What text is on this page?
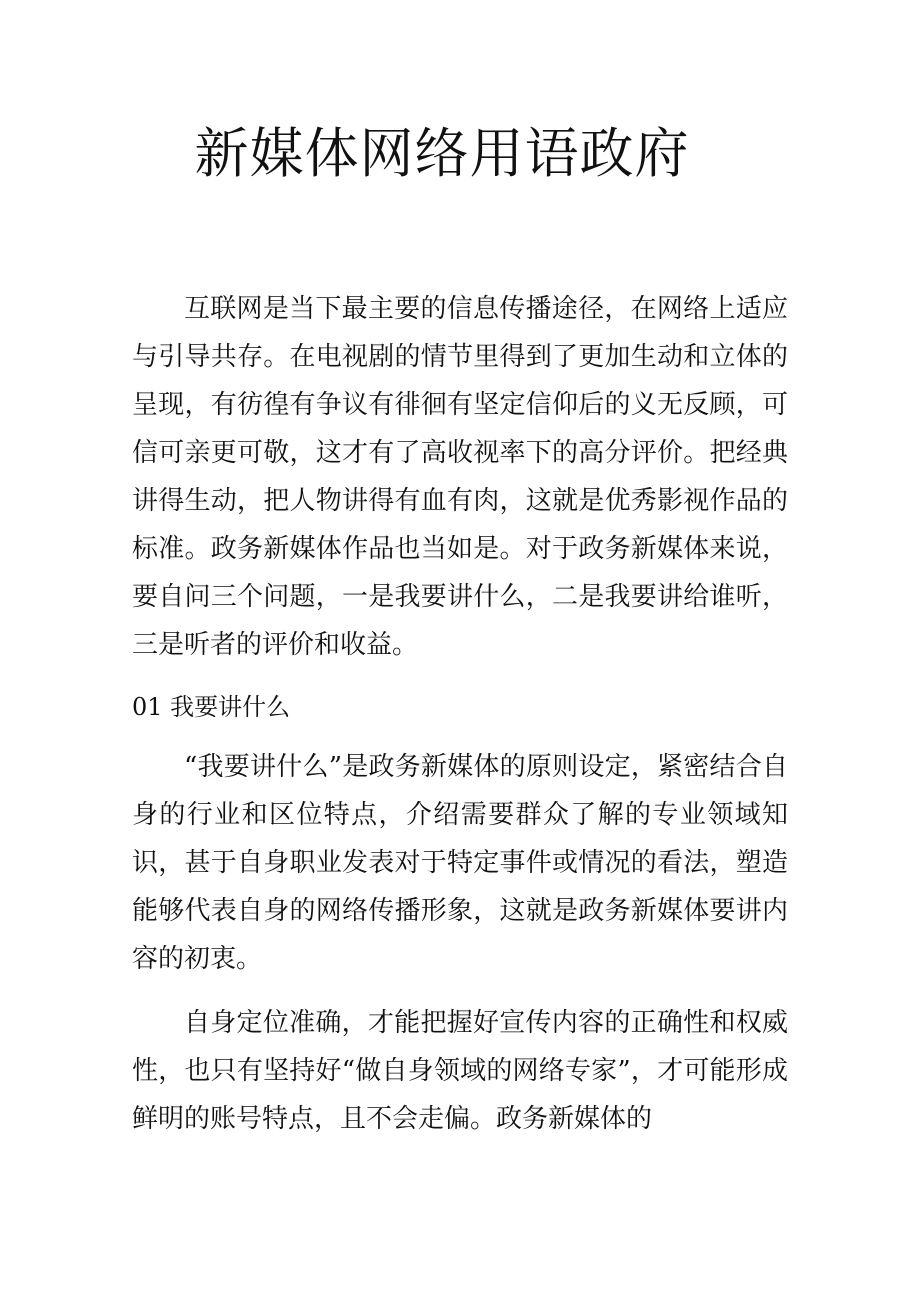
新媒体网络用语政府

互联网是当下最主要的信息传播途径，在网络上适应与引导共存。在电视剧的情节里得到了更加生动和立体的呈现，有彷徨有争议有徘徊有坚定信仰后的义无反顾，可信可亲更可敬，这才有了高收视率下的高分评价。把经典讲得生动，把人物讲得有血有肉，这就是优秀影视作品的标准。政务新媒体作品也当如是。对于政务新媒体来说，要自问三个问题，一是我要讲什么，二是我要讲给谁听，三是听者的评价和收益。

01 我要讲什么

“我要讲什么”是政务新媒体的原则设定，紧密结合自身的行业和区位特点，介绍需要群众了解的专业领域知识，甚于自身职业发表对于特定事件或情况的看法，塑造能够代表自身的网络传播形象，这就是政务新媒体要讲内容的初衷。

自身定位准确，才能把握好宣传内容的正确性和权威性，也只有坚持好“做自身领域的网络专家”，才可能形成鲜明的账号特点，且不会走偏。政务新媒体的
